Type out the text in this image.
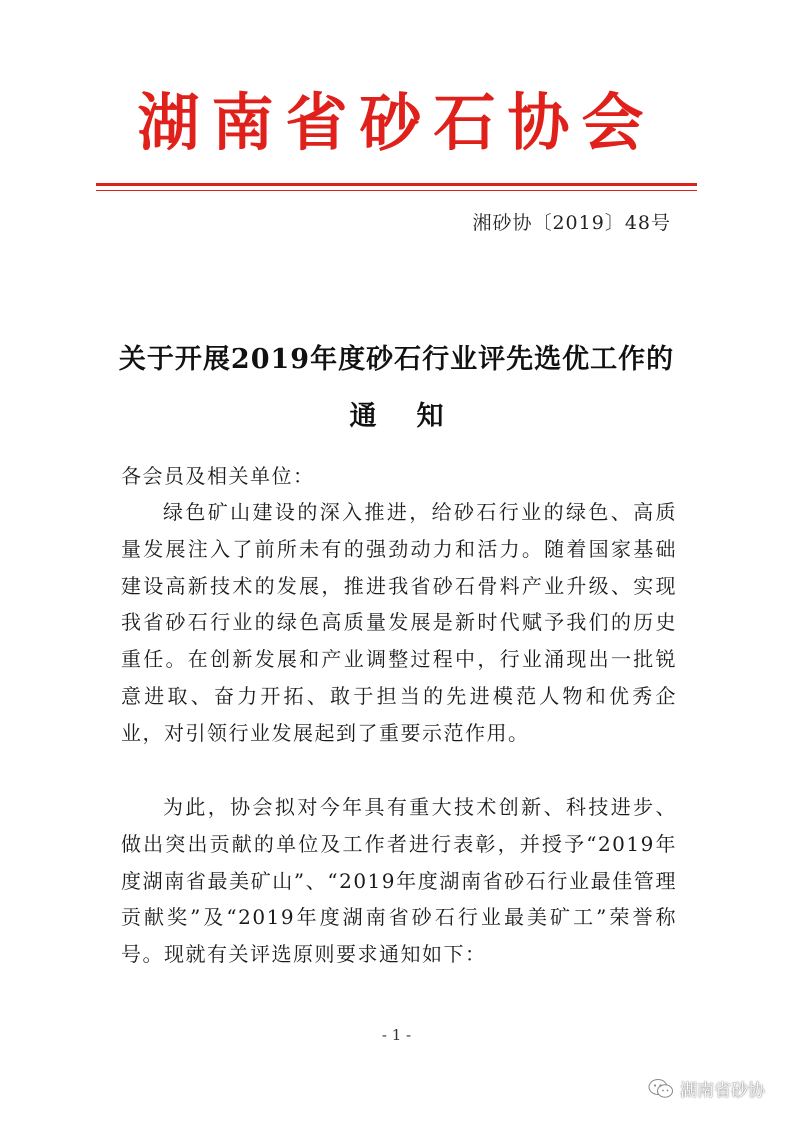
湖南省砂石协会
湘砂协〔2019〕48号
关于开展2019年度砂石行业评先选优工作的
通知
各会员及相关单位：
绿色矿山建设的深入推进，给砂石行业的绿色、高质量发展注入了前所未有的强劲动力和活力。随着国家基础建设高新技术的发展，推进我省砂石骨料产业升级、实现我省砂石行业的绿色高质量发展是新时代赋予我们的历史重任。在创新发展和产业调整过程中，行业涌现出一批锐意进取、奋力开拓、敢于担当的先进模范人物和优秀企业，对引领行业发展起到了重要示范作用。
为此，协会拟对今年具有重大技术创新、科技进步、做出突出贡献的单位及工作者进行表彰，并授予“2019年度湖南省最美矿山”、“2019年度湖南省砂石行业最佳管理贡献奖”及“2019年度湖南省砂石行业最美矿工”荣誉称号。现就有关评选原则要求通知如下：
- 1 -
湖南省砂协
